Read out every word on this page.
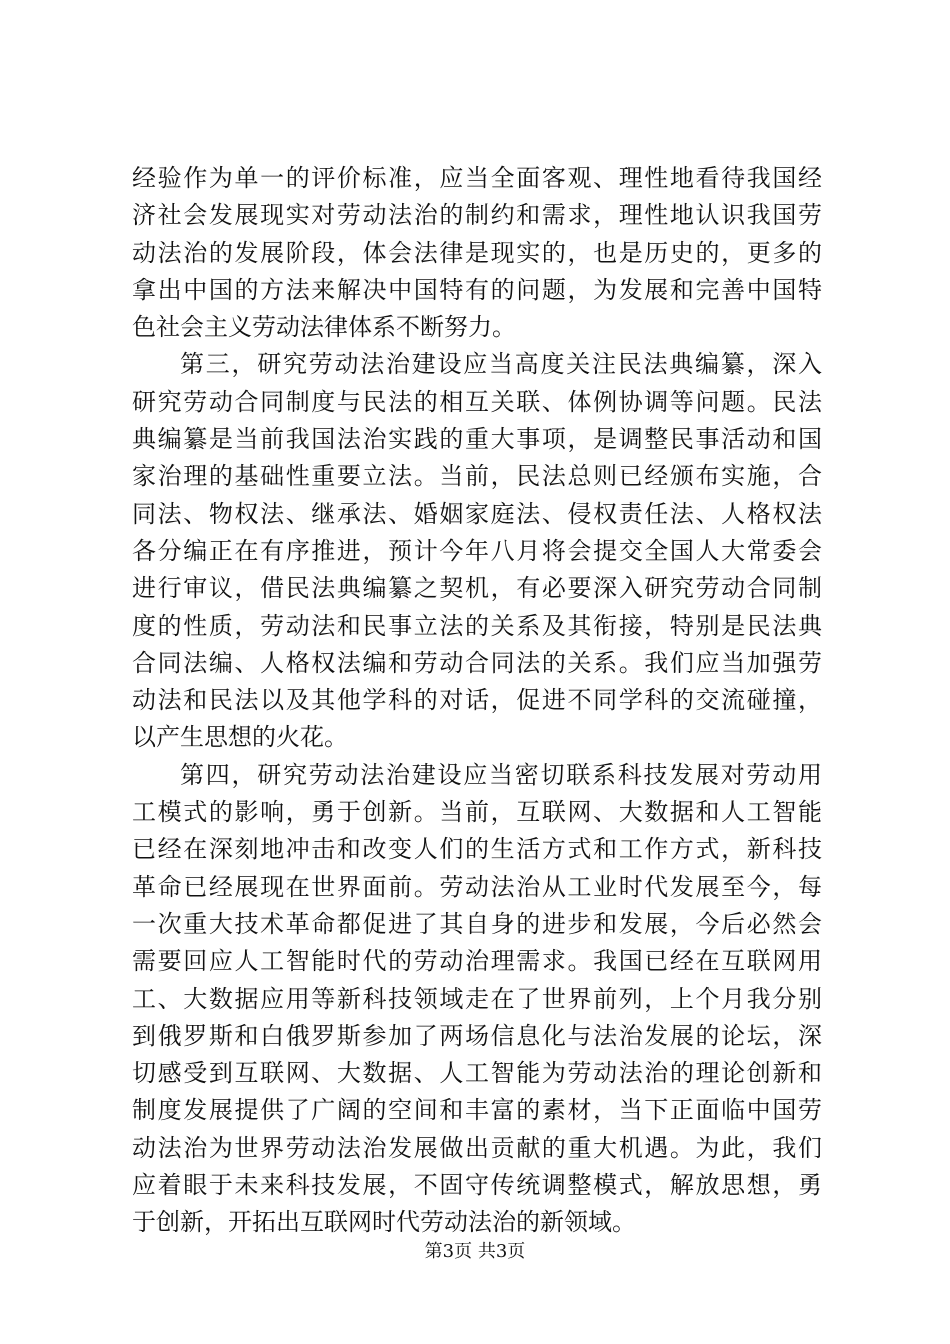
经验作为单一的评价标准，应当全面客观、理性地看待我国经
济社会发展现实对劳动法治的制约和需求，理性地认识我国劳
动法治的发展阶段，体会法律是现实的，也是历史的，更多的
拿出中国的方法来解决中国特有的问题，为发展和完善中国特
色社会主义劳动法律体系不断努力。
第三，研究劳动法治建设应当高度关注民法典编纂，深入
研究劳动合同制度与民法的相互关联、体例协调等问题。民法
典编纂是当前我国法治实践的重大事项，是调整民事活动和国
家治理的基础性重要立法。当前，民法总则已经颁布实施，合
同法、物权法、继承法、婚姻家庭法、侵权责任法、人格权法
各分编正在有序推进，预计今年八月将会提交全国人大常委会
进行审议，借民法典编纂之契机，有必要深入研究劳动合同制
度的性质，劳动法和民事立法的关系及其衔接，特别是民法典
合同法编、人格权法编和劳动合同法的关系。我们应当加强劳
动法和民法以及其他学科的对话，促进不同学科的交流碰撞，
以产生思想的火花。
第四，研究劳动法治建设应当密切联系科技发展对劳动用
工模式的影响，勇于创新。当前，互联网、大数据和人工智能
已经在深刻地冲击和改变人们的生活方式和工作方式，新科技
革命已经展现在世界面前。劳动法治从工业时代发展至今，每
一次重大技术革命都促进了其自身的进步和发展，今后必然会
需要回应人工智能时代的劳动治理需求。我国已经在互联网用
工、大数据应用等新科技领域走在了世界前列，上个月我分别
到俄罗斯和白俄罗斯参加了两场信息化与法治发展的论坛，深
切感受到互联网、大数据、人工智能为劳动法治的理论创新和
制度发展提供了广阔的空间和丰富的素材，当下正面临中国劳
动法治为世界劳动法治发展做出贡献的重大机遇。为此，我们
应着眼于未来科技发展，不固守传统调整模式，解放思想，勇
于创新，开拓出互联网时代劳动法治的新领域。
第3页 共3页
